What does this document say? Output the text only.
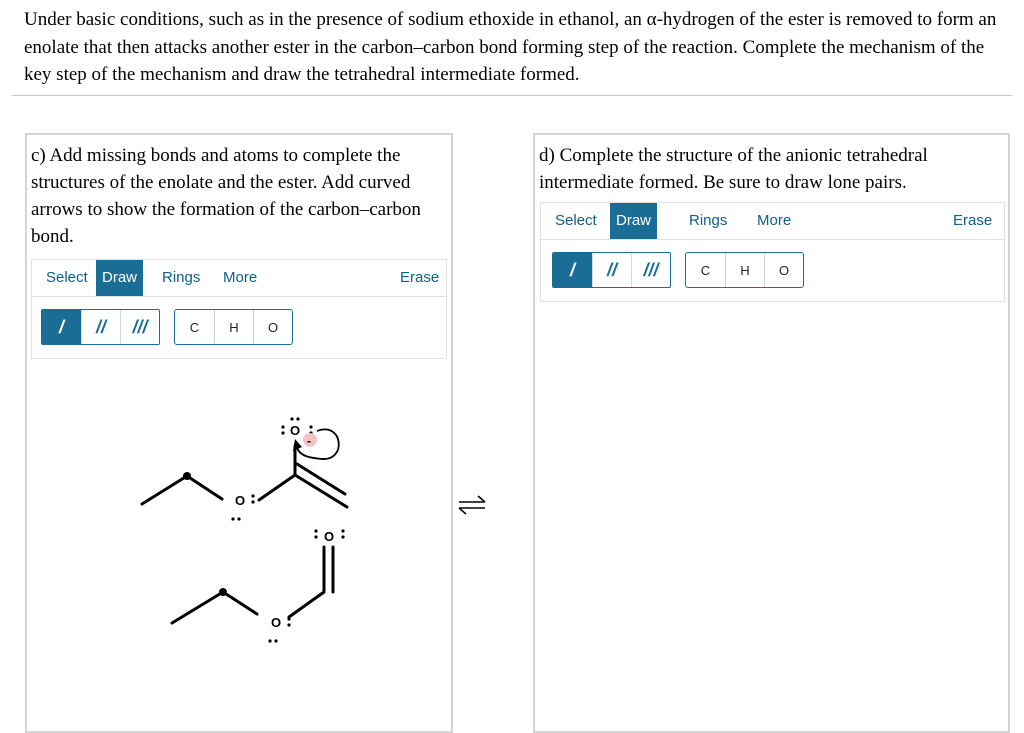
Under basic conditions, such as in the presence of sodium ethoxide in ethanol, an α-hydrogen of the ester is removed to form an enolate that then attacks another ester in the carbon–carbon bond forming step of the reaction. Complete the mechanism of the key step of the mechanism and draw the tetrahedral intermediate formed.
c) Add missing bonds and atoms to complete the structures of the enolate and the ester. Add curved arrows to show the formation of the carbon–carbon bond.
Select Draw	Rings	More	Erase
/	//	///	C	H	O
O
-
O
O
O
d) Complete the structure of the anionic tetrahedral intermediate formed. Be sure to draw lone pairs.
Select	Draw	Rings	More	Erase
/	//	///	C	H	O
